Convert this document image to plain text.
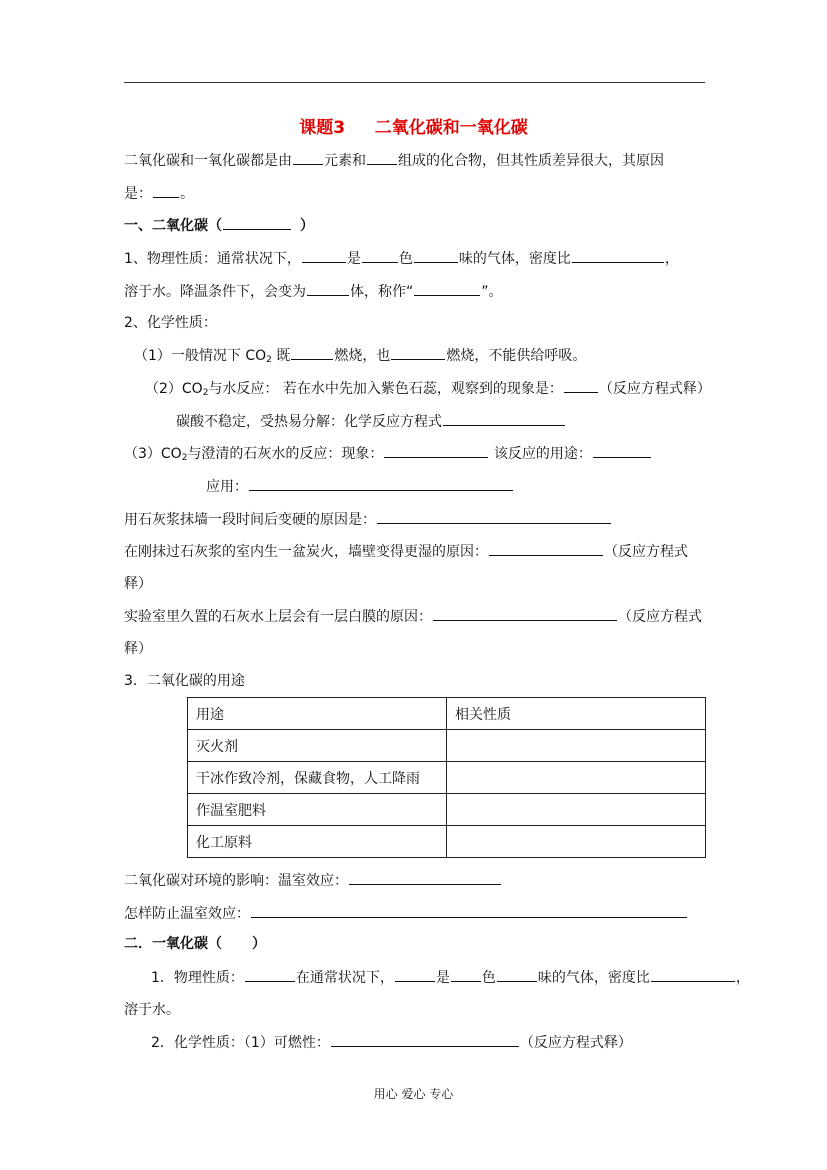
课题3     二氧化碳和一氧化碳
二氧化碳和一氧化碳都是由 元素和 组成的化合物，但其性质差异很大，其原因
是： 。
一、二氧化碳（	）
1、物理性质：通常状况下，	是	色	味的气体，密度比	，
溶于水。降温条件下，会变为	体，称作“	”。
2、化学性质：
（1）一般情况下 $CO_2$ 既	燃烧，也	燃烧，不能供给呼吸。
$(2)CO_2$与水反应： 若在水中先加入紫色石蕊，观察到的现象是：	（反应方程式释）
碳酸不稳定，受热易分解：化学反应方程式
$(3)CO_2$与澄清的石灰水的反应：现象：	该反应的用途：
应用：
用石灰浆抹墙一段时间后变硬的原因是：
在刚抹过石灰浆的室内生一盆炭火，墙壁变得更湿的原因：	（反应方程式
释）
实验室里久置的石灰水上层会有一层白膜的原因：	（反应方程式
释）
3．二氧化碳的用途
用途	相关性质
灭火剂	
干冰作致冷剂，保藏食物，人工降雨	
作温室肥料	
化工原料	
二氧化碳对环境的影响：温室效应：
怎样防止温室效应：
二．一氧化碳（ ）
1．物理性质：	在通常状况下，	是 色	味的气体，密度比	，
溶于水。
2．化学性质：（1）可燃性：	（反应方程式释）
用心 爱心 专心
